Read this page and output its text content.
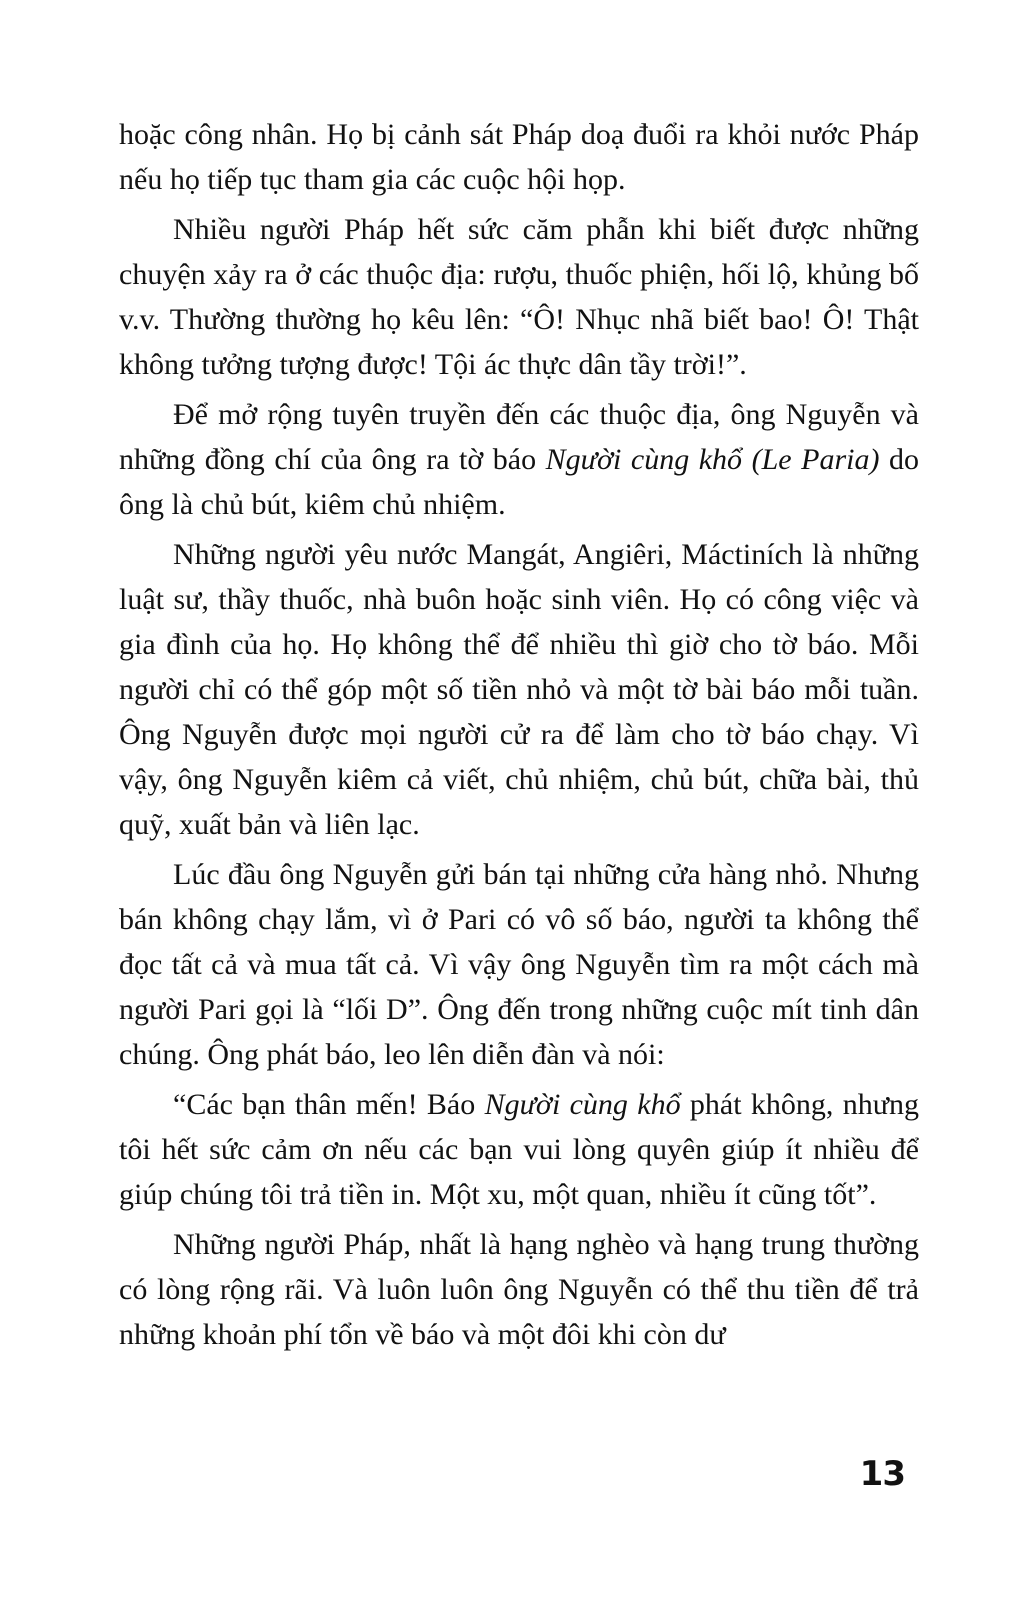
hoặc công nhân. Họ bị cảnh sát Pháp doạ đuổi ra khỏi nước Pháp nếu họ tiếp tục tham gia các cuộc hội họp.

Nhiều người Pháp hết sức căm phẫn khi biết được những chuyện xảy ra ở các thuộc địa: rượu, thuốc phiện, hối lộ, khủng bố v.v. Thường thường họ kêu lên: “Ô! Nhục nhã biết bao! Ô! Thật không tưởng tượng được! Tội ác thực dân tầy trời!”.

Để mở rộng tuyên truyền đến các thuộc địa, ông Nguyễn và những đồng chí của ông ra tờ báo Người cùng khổ (Le Paria) do ông là chủ bút, kiêm chủ nhiệm.

Những người yêu nước Mangát, Angiêri, Máctiních là những luật sư, thầy thuốc, nhà buôn hoặc sinh viên. Họ có công việc và gia đình của họ. Họ không thể để nhiều thì giờ cho tờ báo. Mỗi người chỉ có thể góp một số tiền nhỏ và một tờ bài báo mỗi tuần. Ông Nguyễn được mọi người cử ra để làm cho tờ báo chạy. Vì vậy, ông Nguyễn kiêm cả viết, chủ nhiệm, chủ bút, chữa bài, thủ quỹ, xuất bản và liên lạc.

Lúc đầu ông Nguyễn gửi bán tại những cửa hàng nhỏ. Nhưng bán không chạy lắm, vì ở Pari có vô số báo, người ta không thể đọc tất cả và mua tất cả. Vì vậy ông Nguyễn tìm ra một cách mà người Pari gọi là “lối D”. Ông đến trong những cuộc mít tinh dân chúng. Ông phát báo, leo lên diễn đàn và nói:

“Các bạn thân mến! Báo Người cùng khổ phát không, nhưng tôi hết sức cảm ơn nếu các bạn vui lòng quyên giúp ít nhiều để giúp chúng tôi trả tiền in. Một xu, một quan, nhiều ít cũng tốt”.

Những người Pháp, nhất là hạng nghèo và hạng trung thường có lòng rộng rãi. Và luôn luôn ông Nguyễn có thể thu tiền để trả những khoản phí tổn về báo và một đôi khi còn dư

13
